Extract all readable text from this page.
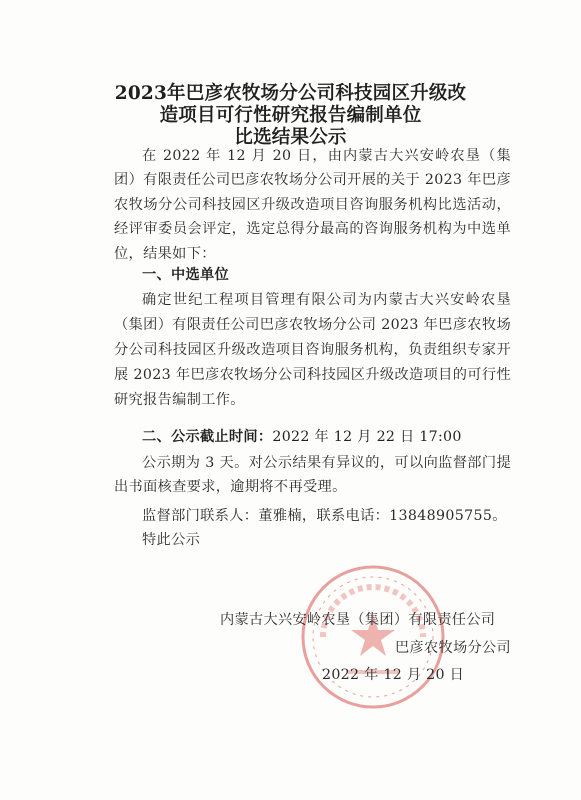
2023年巴彦农牧场分公司科技园区升级改
造项目可行性研究报告编制单位
比选结果公示

在 2022 年 12 月 20 日，由内蒙古大兴安岭农垦（集团）有限责任公司巴彦农牧场分公司开展的关于 2023 年巴彦农牧场分公司科技园区升级改造项目咨询服务机构比选活动，经评审委员会评定，选定总得分最高的咨询服务机构为中选单位，结果如下：

一、中选单位

确定世纪工程项目管理有限公司为内蒙古大兴安岭农垦（集团）有限责任公司巴彦农牧场分公司 2023 年巴彦农牧场分公司科技园区升级改造项目咨询服务机构，负责组织专家开展 2023 年巴彦农牧场分公司科技园区升级改造项目的可行性研究报告编制工作。

二、公示截止时间：2022 年 12 月 22 日 17:00

公示期为 3 天。对公示结果有异议的，可以向监督部门提出书面核查要求，逾期将不再受理。

监督部门联系人：董雅楠，联系电话：13848905755。

特此公示

内蒙古大兴安岭农垦（集团）有限责任公司
巴彦农牧场分公司
2022 年 12 月 20 日
